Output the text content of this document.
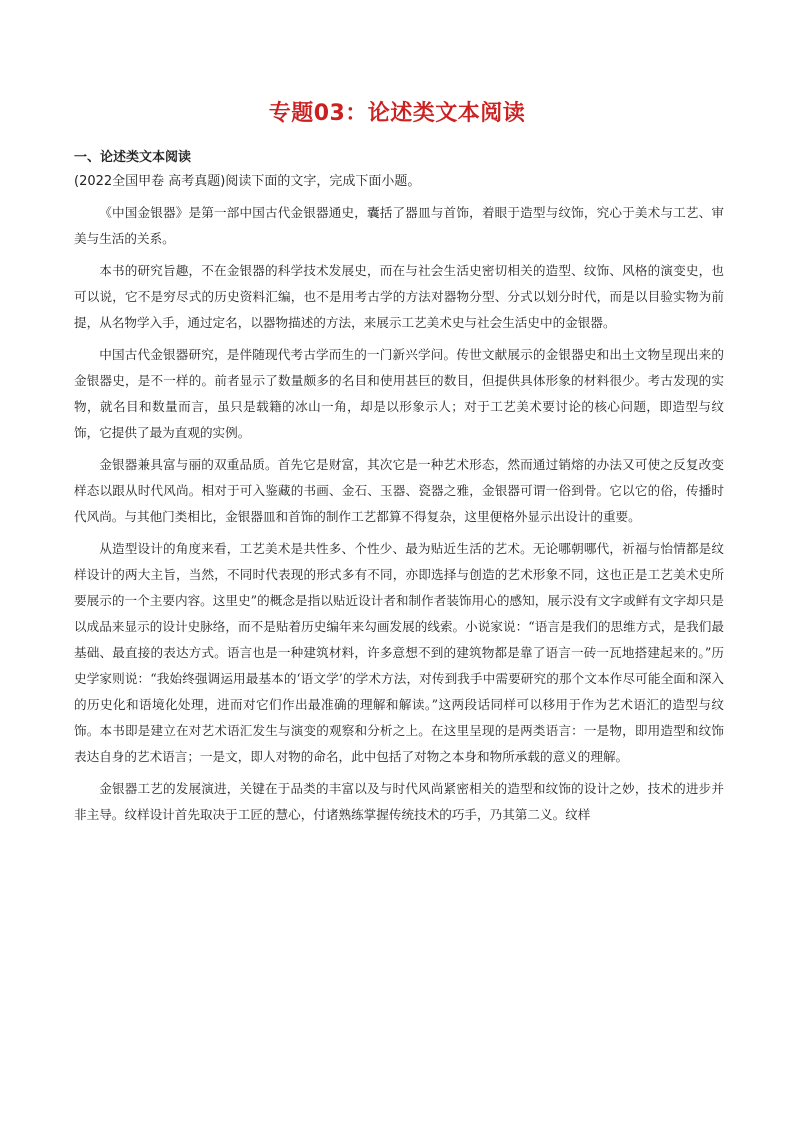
专题03：论述类文本阅读
一、论述类文本阅读
(2022全国甲卷 高考真题)阅读下面的文字，完成下面小题。

《中国金银器》是第一部中国古代金银器通史，囊括了器皿与首饰，着眼于造型与纹饰，究心于美术与工艺、审美与生活的关系。

本书的研究旨趣，不在金银器的科学技术发展史，而在与社会生活史密切相关的造型、纹饰、风格的演变史，也可以说，它不是穷尽式的历史资料汇编，也不是用考古学的方法对器物分型、分式以划分时代，而是以目验实物为前提，从名物学入手，通过定名，以器物描述的方法，来展示工艺美术史与社会生活史中的金银器。

中国古代金银器研究，是伴随现代考古学而生的一门新兴学问。传世文献展示的金银器史和出土文物呈现出来的金银器史，是不一样的。前者显示了数量颇多的名目和使用甚巨的数目，但提供具体形象的材料很少。考古发现的实物，就名目和数量而言，虽只是载籍的冰山一角，却是以形象示人；对于工艺美术要讨论的核心问题，即造型与纹饰，它提供了最为直观的实例。

金银器兼具富与丽的双重品质。首先它是财富，其次它是一种艺术形态，然而通过销熔的办法又可使之反复改变样态以跟从时代风尚。相对于可入鉴藏的书画、金石、玉器、瓷器之雅，金银器可谓一俗到骨。它以它的俗，传播时代风尚。与其他门类相比，金银器皿和首饰的制作工艺都算不得复杂，这里便格外显示出设计的重要。

从造型设计的角度来看，工艺美术是共性多、个性少、最为贴近生活的艺术。无论哪朝哪代，祈福与怡情都是纹样设计的两大主旨，当然，不同时代表现的形式多有不同，亦即选择与创造的艺术形象不同，这也正是工艺美术史所要展示的一个主要内容。这里史”的概念是指以贴近设计者和制作者装饰用心的感知，展示没有文字或鲜有文字却只是以成品来显示的设计史脉络，而不是贴着历史编年来勾画发展的线索。小说家说：“语言是我们的思维方式，是我们最基础、最直接的表达方式。语言也是一种建筑材料，许多意想不到的建筑物都是靠了语言一砖一瓦地搭建起来的。”历史学家则说：“我始终强调运用最基本的‘语文学’的学术方法，对传到我手中需要研究的那个文本作尽可能全面和深入的历史化和语境化处理，进而对它们作出最准确的理解和解读。”这两段话同样可以移用于作为艺术语汇的造型与纹饰。本书即是建立在对艺术语汇发生与演变的观察和分析之上。在这里呈现的是两类语言：一是物，即用造型和纹饰表达自身的艺术语言；一是文，即人对物的命名，此中包括了对物之本身和物所承载的意义的理解。

金银器工艺的发展演进，关键在于品类的丰富以及与时代风尚紧密相关的造型和纹饰的设计之妙，技术的进步并非主导。纹样设计首先取决于工匠的慧心，付诸熟练掌握传统技术的巧手，乃其第二义。纹样
